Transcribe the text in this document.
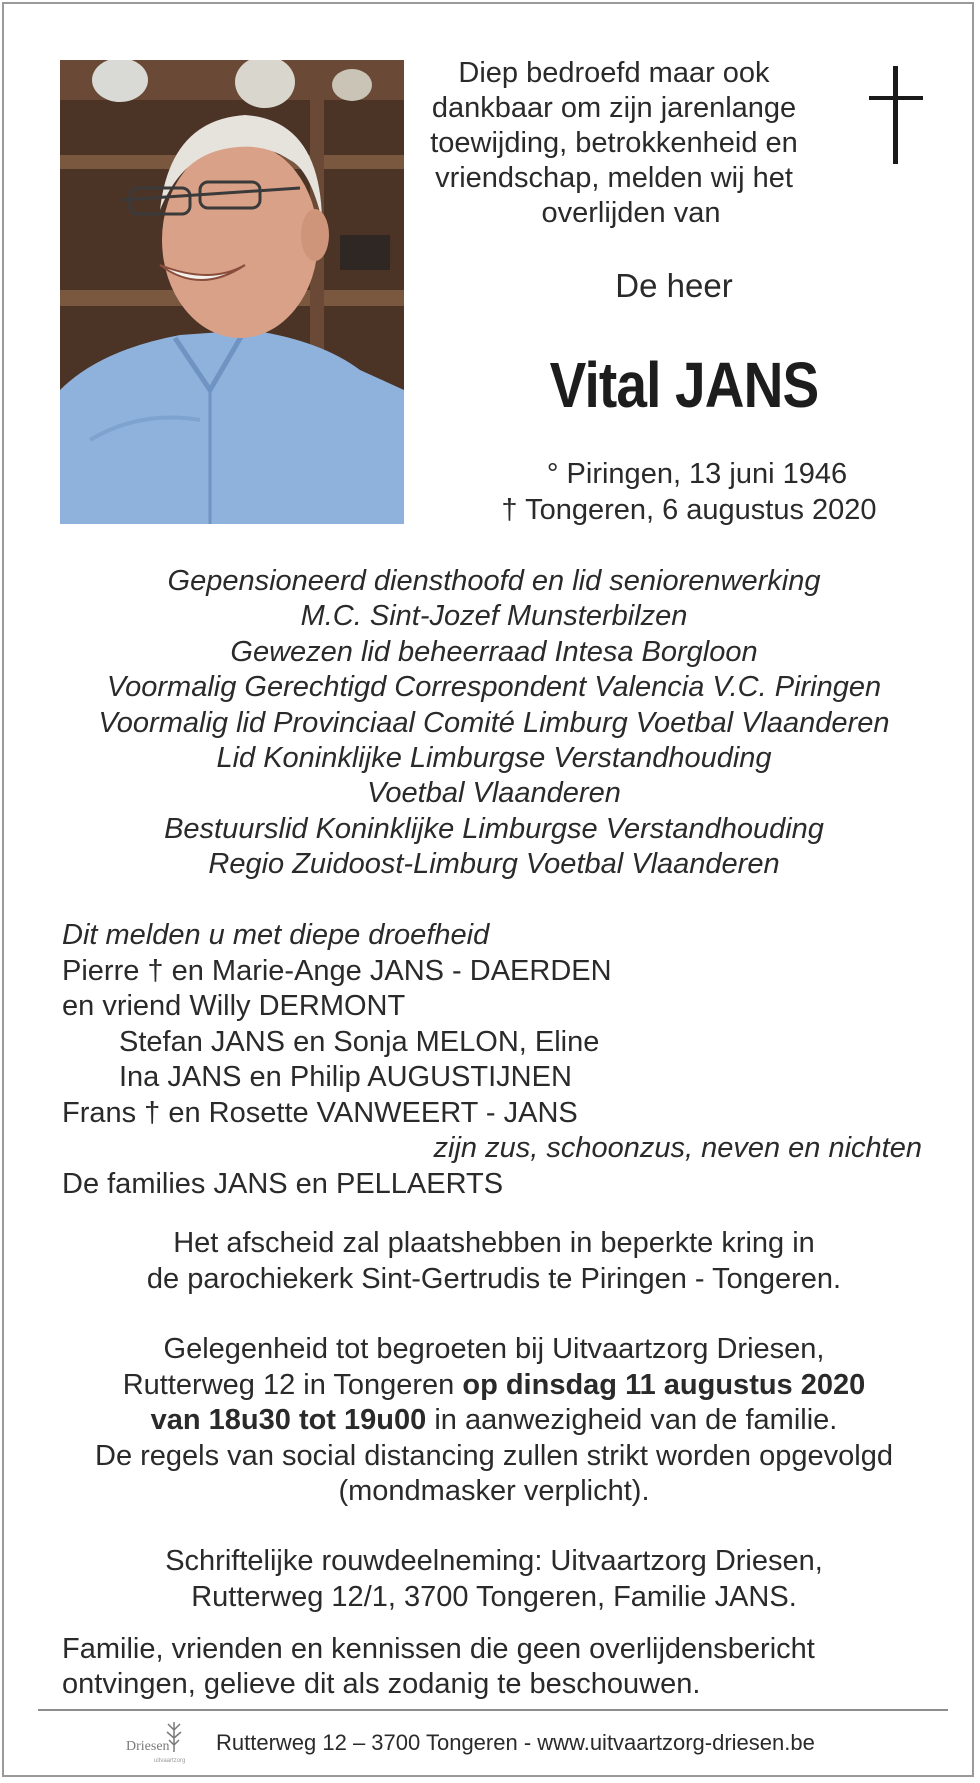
Diep bedroefd maar ook
dankbaar om zijn jarenlange
toewijding, betrokkenheid en
vriendschap, melden wij het
overlijden van
De heer
Vital JANS
° Piringen, 13 juni 1946
† Tongeren, 6 augustus 2020
Gepensioneerd diensthoofd en lid seniorenwerking
M.C. Sint-Jozef Munsterbilzen
Gewezen lid beheerraad Intesa Borgloon
Voormalig Gerechtigd Correspondent Valencia V.C. Piringen
Voormalig lid Provinciaal Comité Limburg Voetbal Vlaanderen
Lid Koninklijke Limburgse Verstandhouding
Voetbal Vlaanderen
Bestuurslid Koninklijke Limburgse Verstandhouding
Regio Zuidoost-Limburg Voetbal Vlaanderen
Dit melden u met diepe droefheid
Pierre † en Marie-Ange JANS - DAERDEN
en vriend Willy DERMONT
Stefan JANS en Sonja MELON, Eline
Ina JANS en Philip AUGUSTIJNEN
Frans † en Rosette VANWEERT - JANS
zijn zus, schoonzus, neven en nichten
De families JANS en PELLAERTS
Het afscheid zal plaatshebben in beperkte kring in
de parochiekerk Sint-Gertrudis te Piringen - Tongeren.
Gelegenheid tot begroeten bij Uitvaartzorg Driesen,
Rutterweg 12 in Tongeren op dinsdag 11 augustus 2020
van 18u30 tot 19u00 in aanwezigheid van de familie.
De regels van social distancing zullen strikt worden opgevolgd
(mondmasker verplicht).
Schriftelijke rouwdeelneming: Uitvaartzorg Driesen,
Rutterweg 12/1, 3700 Tongeren, Familie JANS.
Familie, vrienden en kennissen die geen overlijdensbericht
ontvingen, gelieve dit als zodanig te beschouwen.
Driesen
uitvaartzorg
Rutterweg 12 – 3700 Tongeren - www.uitvaartzorg-driesen.be
